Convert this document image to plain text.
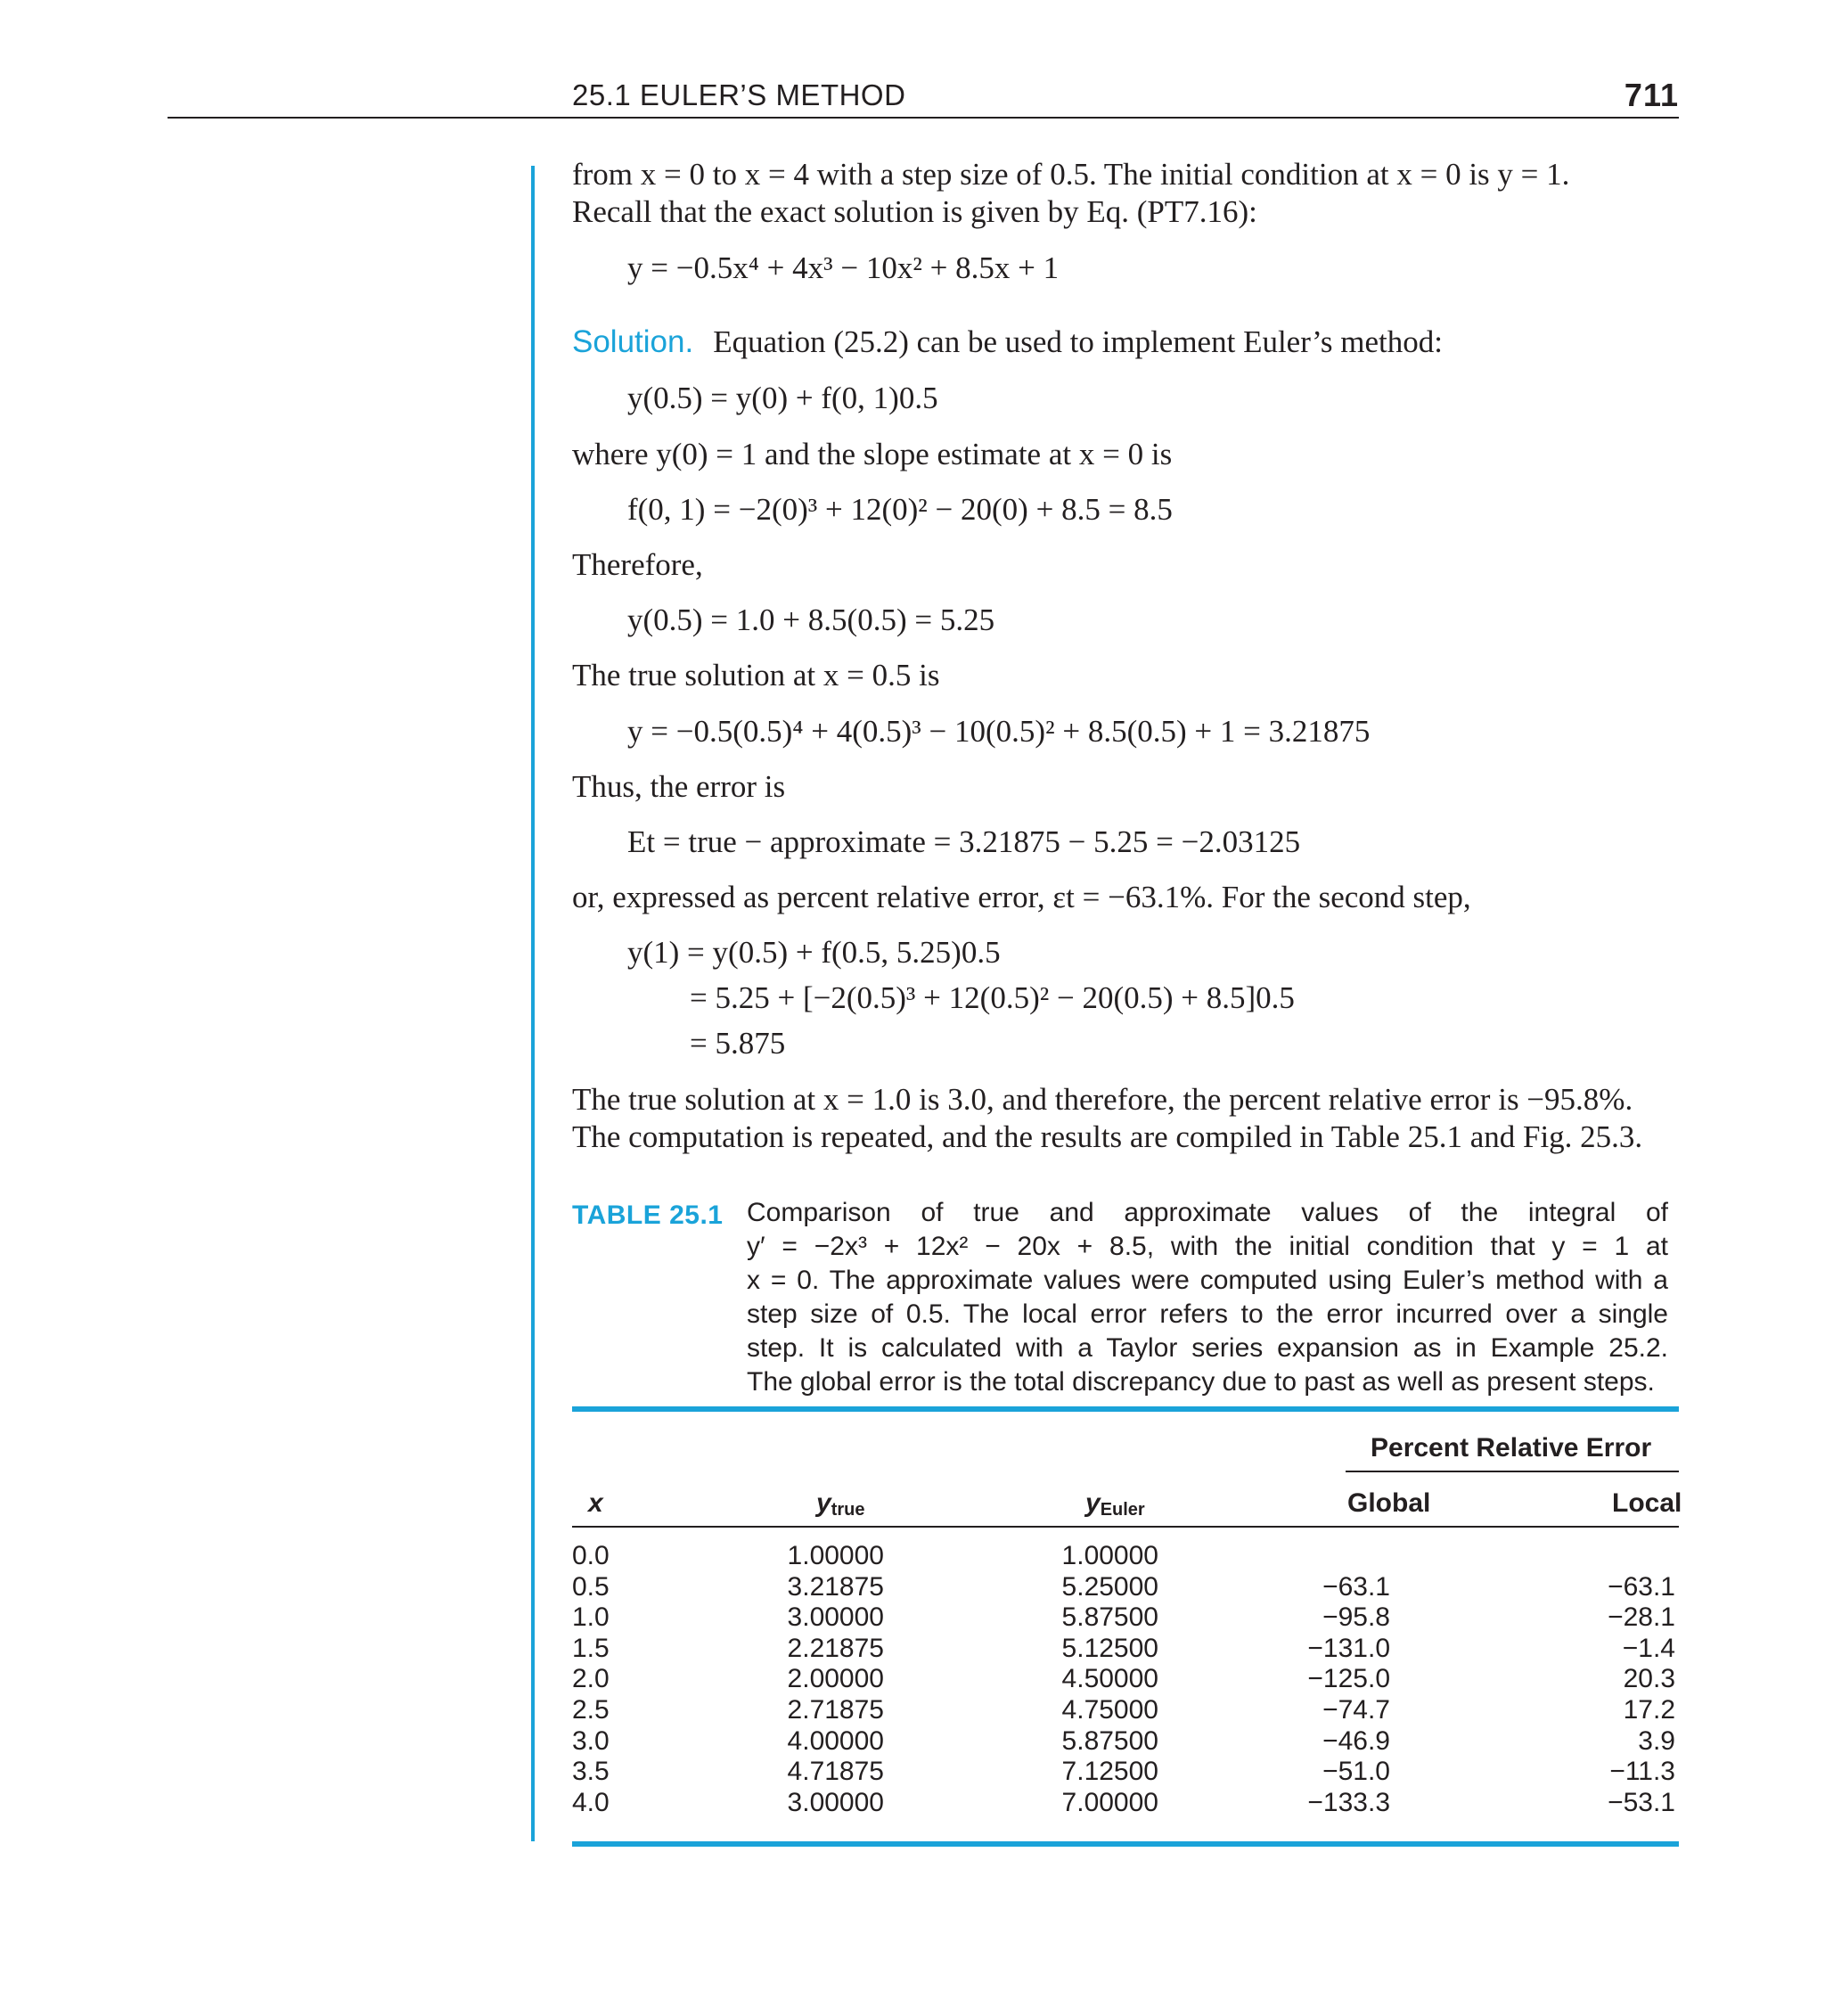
25.1 EULER’S METHOD	711
from x = 0 to x = 4 with a step size of 0.5. The initial condition at x = 0 is y = 1.
Recall that the exact solution is given by Eq. (PT7.16):
y = −0.5x⁴ + 4x³ − 10x² + 8.5x + 1
Solution. Equation (25.2) can be used to implement Euler’s method:
y(0.5) = y(0) + f(0, 1)0.5
where y(0) = 1 and the slope estimate at x = 0 is
f(0, 1) = −2(0)³ + 12(0)² − 20(0) + 8.5 = 8.5
Therefore,
y(0.5) = 1.0 + 8.5(0.5) = 5.25
The true solution at x = 0.5 is
y = −0.5(0.5)⁴ + 4(0.5)³ − 10(0.5)² + 8.5(0.5) + 1 = 3.21875
Thus, the error is
Et = true − approximate = 3.21875 − 5.25 = −2.03125
or, expressed as percent relative error, εt = −63.1%. For the second step,
y(1) = y(0.5) + f(0.5, 5.25)0.5
= 5.25 + [−2(0.5)³ + 12(0.5)² − 20(0.5) + 8.5]0.5
= 5.875
The true solution at x = 1.0 is 3.0, and therefore, the percent relative error is −95.8%.
The computation is repeated, and the results are compiled in Table 25.1 and Fig. 25.3.
TABLE 25.1 Comparison of true and approximate values of the integral of
y′ = −2x³ + 12x² − 20x + 8.5, with the initial condition that y = 1 at
x = 0. The approximate values were computed using Euler’s method with a
step size of 0.5. The local error refers to the error incurred over a single
step. It is calculated with a Taylor series expansion as in Example 25.2.
The global error is the total discrepancy due to past as well as present steps.
Percent Relative Error
x	$y_{true}$	$y_{Euler}$	Global	Local
0.0	1.00000	1.00000
0.5	3.21875	5.25000	−63.1	−63.1
1.0	3.00000	5.87500	−95.8	−28.1
1.5	2.21875	5.12500	−131.0	−1.4
2.0	2.00000	4.50000	−125.0	20.3
2.5	2.71875	4.75000	−74.7	17.2
3.0	4.00000	5.87500	−46.9	3.9
3.5	4.71875	7.12500	−51.0	−11.3
4.0	3.00000	7.00000	−133.3	−53.1
